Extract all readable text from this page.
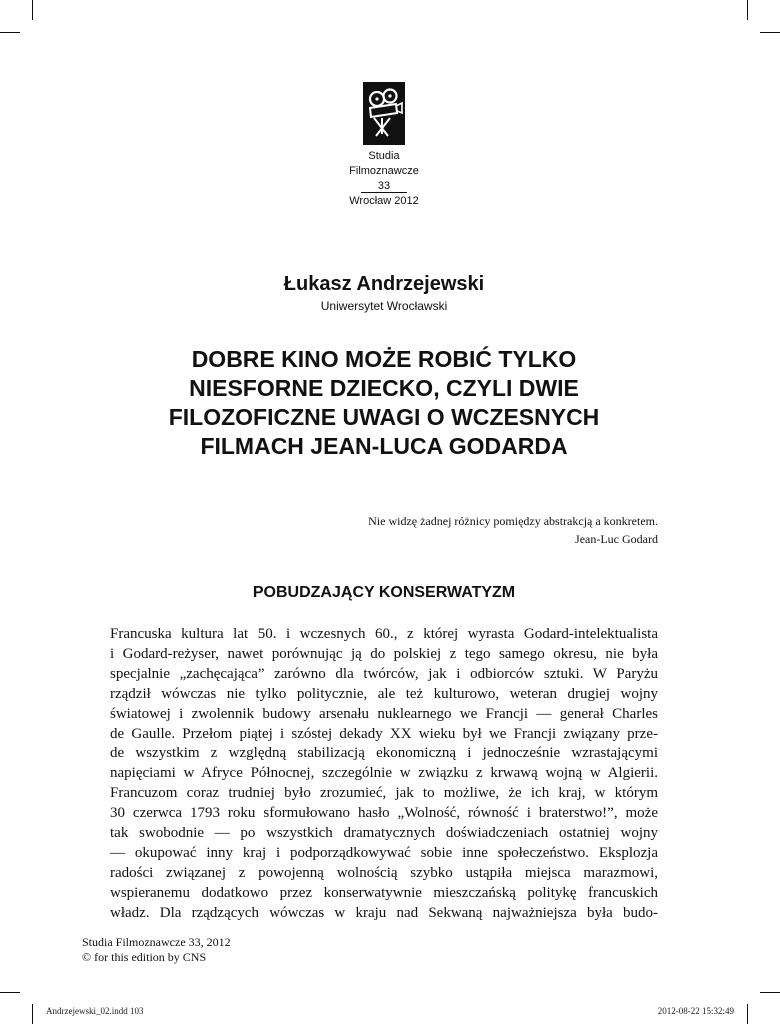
Studia
Filmoznawcze
33
Wrocław 2012
Łukasz Andrzejewski
Uniwersytet Wrocławski
DOBRE KINO MOŻE ROBIĆ TYLKO
NIESFORNE DZIECKO, CZYLI DWIE
FILOZOFICZNE UWAGI O WCZESNYCH
FILMACH JEAN-LUCA GODARDA
Nie widzę żadnej różnicy pomiędzy abstrakcją a konkretem.
Jean-Luc Godard
POBUDZAJĄCY KONSERWATYZM
Francuska kultura lat 50. i wczesnych 60., z której wyrasta Godard-intelektualista
i Godard-reżyser, nawet porównując ją do polskiej z tego samego okresu, nie była
specjalnie „zachęcająca” zarówno dla twórców, jak i odbiorców sztuki. W Paryżu
rządził wówczas nie tylko politycznie, ale też kulturowo, weteran drugiej wojny
światowej i zwolennik budowy arsenału nuklearnego we Francji — generał Charles
de Gaulle. Przełom piątej i szóstej dekady XX wieku był we Francji związany prze-
de wszystkim z względną stabilizacją ekonomiczną i jednocześnie wzrastającymi
napięciami w Afryce Północnej, szczególnie w związku z krwawą wojną w Algierii.
Francuzom coraz trudniej było zrozumieć, jak to możliwe, że ich kraj, w którym
30 czerwca 1793 roku sformułowano hasło „Wolność, równość i braterstwo!”, może
tak swobodnie — po wszystkich dramatycznych doświadczeniach ostatniej wojny
— okupować inny kraj i podporządkowywać sobie inne społeczeństwo. Eksplozja
radości związanej z powojenną wolnością szybko ustąpiła miejsca marazmowi,
wspieranemu dodatkowo przez konserwatywnie mieszczańską politykę francuskich
władz. Dla rządzących wówczas w kraju nad Sekwaną najważniejsza była budo-
Studia Filmoznawcze 33, 2012
© for this edition by CNS
Andrzejewski_02.indd 103	2012-08-22 15:32:49
